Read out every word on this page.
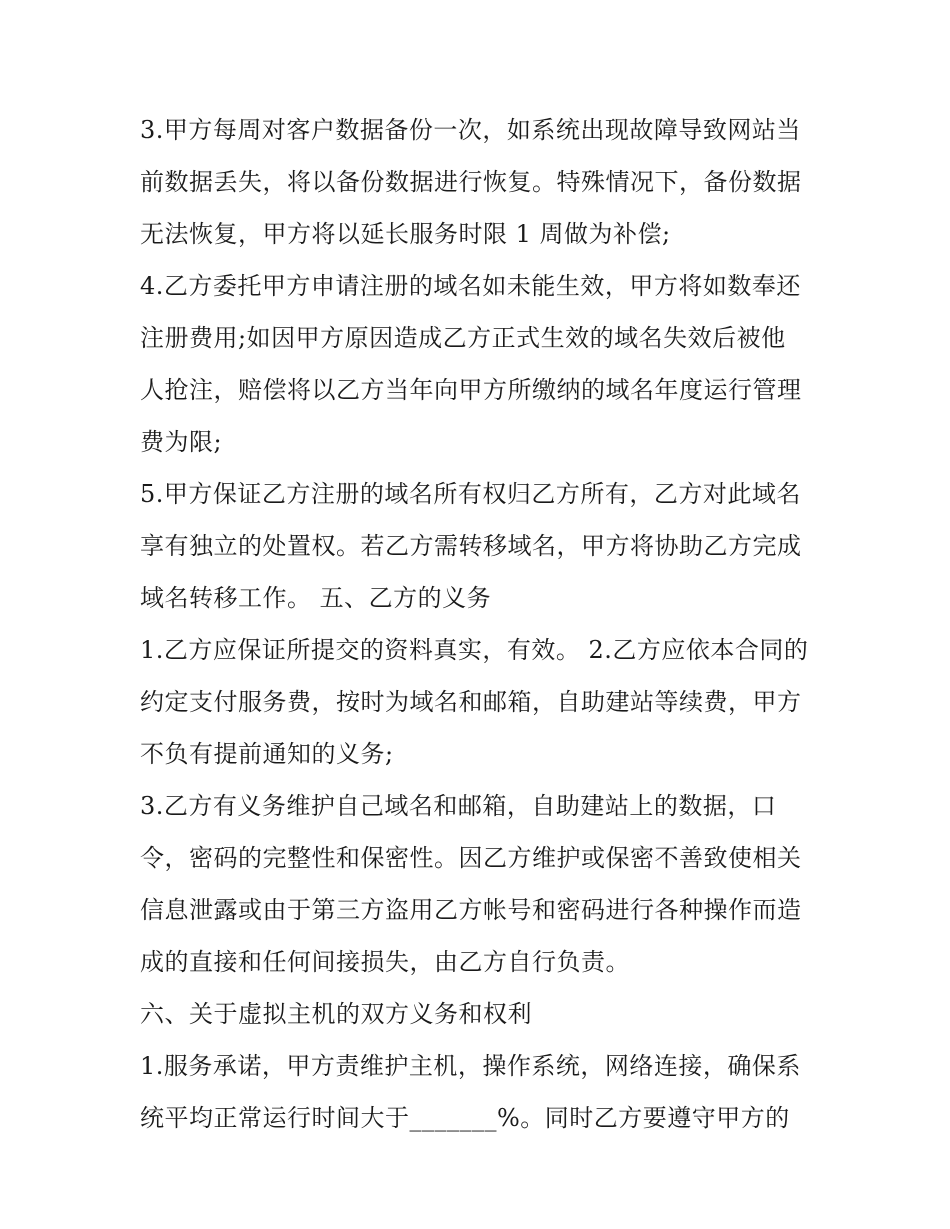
3.甲方每周对客户数据备份一次，如系统出现故障导致网站当
前数据丢失，将以备份数据进行恢复。特殊情况下，备份数据
无法恢复，甲方将以延长服务时限 1 周做为补偿;
4.乙方委托甲方申请注册的域名如未能生效，甲方将如数奉还
注册费用;如因甲方原因造成乙方正式生效的域名失效后被他
人抢注，赔偿将以乙方当年向甲方所缴纳的域名年度运行管理
费为限;
5.甲方保证乙方注册的域名所有权归乙方所有，乙方对此域名
享有独立的处置权。若乙方需转移域名，甲方将协助乙方完成
域名转移工作。 五、乙方的义务
1.乙方应保证所提交的资料真实，有效。 2.乙方应依本合同的
约定支付服务费，按时为域名和邮箱，自助建站等续费，甲方
不负有提前通知的义务;
3.乙方有义务维护自己域名和邮箱，自助建站上的数据，口
令，密码的完整性和保密性。因乙方维护或保密不善致使相关
信息泄露或由于第三方盗用乙方帐号和密码进行各种操作而造
成的直接和任何间接损失，由乙方自行负责。
六、关于虚拟主机的双方义务和权利
1.服务承诺，甲方责维护主机，操作系统，网络连接，确保系
统平均正常运行时间大于_______%。同时乙方要遵守甲方的
